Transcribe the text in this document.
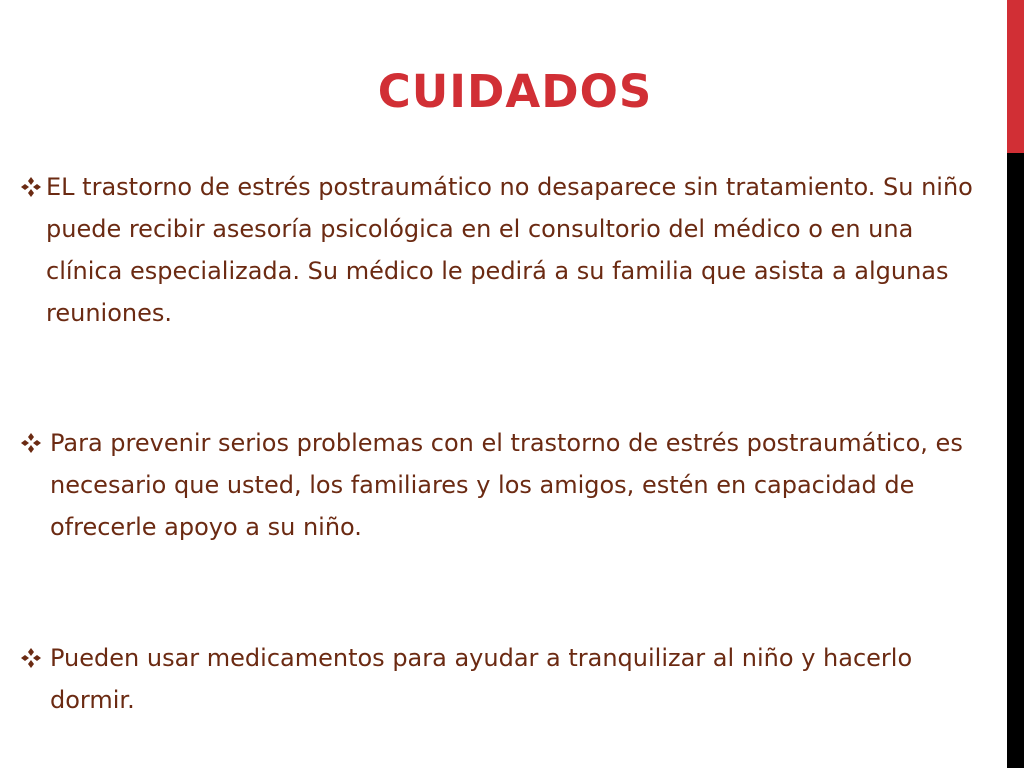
CUIDADOS
EL trastorno de estrés postraumático no desaparece sin tratamiento. Su niño puede recibir asesoría psicológica en el consultorio del médico o en una clínica especializada. Su médico le pedirá a su familia que asista a algunas reuniones.
Para prevenir serios problemas con el trastorno de estrés postraumático, es necesario que usted, los familiares y los amigos, estén en capacidad de ofrecerle apoyo a su niño.
Pueden usar medicamentos para ayudar a tranquilizar al niño y hacerlo dormir.
